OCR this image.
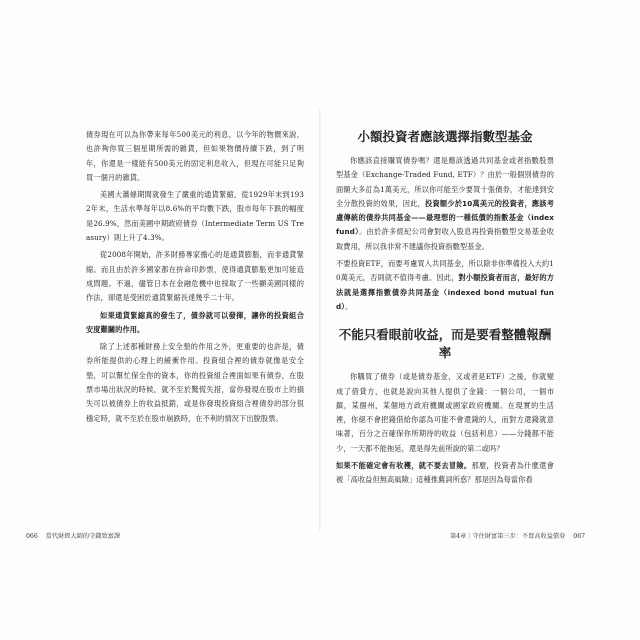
債券現在可以為你帶來每年500美元的利息，以今年的物價來說，也許夠你買三個星期所需的雜貨，但如果物價持續下跌，到了明年，你還是一樣能有500美元的固定利息收入，但現在可能只足夠買一個月的雜貨。

美國大蕭條期間就發生了嚴重的通貨緊縮，從1929年末到1932年末，生活水準每年以8.6%的平均數下跌，股市每年下跌的幅度是26.9%，然而美國中期政府債券（Intermediate Term US Treasury）則上升了4.3%。

從2008年開始，許多財務專家擔心的是通貨膨脹，而非通貨緊縮。而且由於許多國家都在拚命印鈔票，使得通貨膨脹更加可能造成問題。不過，儘管日本在金融危機中也採取了一些顯美國同樣的作法，卻還是受困於通貨緊縮長達幾乎二十年。

如果通貨緊縮真的發生了，債券就可以發揮，讓你的投資組合安度難關的作用。

除了上述那種財務上安全墊的作用之外，更重要的也許是，債券所能提供的心理上的緩衝作用。投資組合裡的債券就像是安全墊，可以幫忙保全你的資本，你的投資組合裡面如果有債券，在股票市場出狀況的時候，就不至於驚慌失措，當你發現在股市上的損失可以被債券上的收益抵銷，或是你發現投資組合裡債券的部分很穩定時，就不至於在股市崩跌時，在不利的情況下出脫股票。

小額投資者應該選擇指數型基金

你應該直接購買債券嗎？還是應該透過共同基金或者指數股票型基金（Exchange-Traded Fund, ETF）？由於一般個別債券的面額大多訂為1萬美元，所以你可能至少要買十張債券，才能達到安全分散投資的效果，因此，投資額少於10萬美元的投資者，應該考慮傳統的債券共同基金——最理想的一種低價的指數基金（index fund）。由於許多經紀公司會對收入股息再投資指數型交易基金收取費用，所以我非常不建議你投資指數型基金。

不要投資ETF，而要考慮買入共同基金，所以除非你準備投入大約10萬美元，否則就不值得考慮。因此，對小額投資者而言，最好的方法就是選擇指數債券共同基金（indexed bond mutual fund）。

不能只看眼前收益，而是要看整體報酬率

你購買了債券（或是債券基金，又或者是ETF）之後，你就變成了借貸方，也就是說向其他人提供了金錢：一個公司，一個市鎮，某個州，某個地方政府機關或國家政府機關。在現實的生活裡，你絕不會把錢借給你認為可能不會還錢的人，而對方還錢就意味著，百分之百確保你所期待的收益（包括利息）——分錢都不能少，一天都不能拖延，還是得先前所說的第二或吗？

如果不能確定會有收穫，就不要去冒險。那麼，投資者為什麼還會被「高收益但無高風險」這種推薦詞所惑？那是因為每當你看

066 當代財經大師的守錢致富課	第4章｜守住財富第三步：不買高收益債券 067
